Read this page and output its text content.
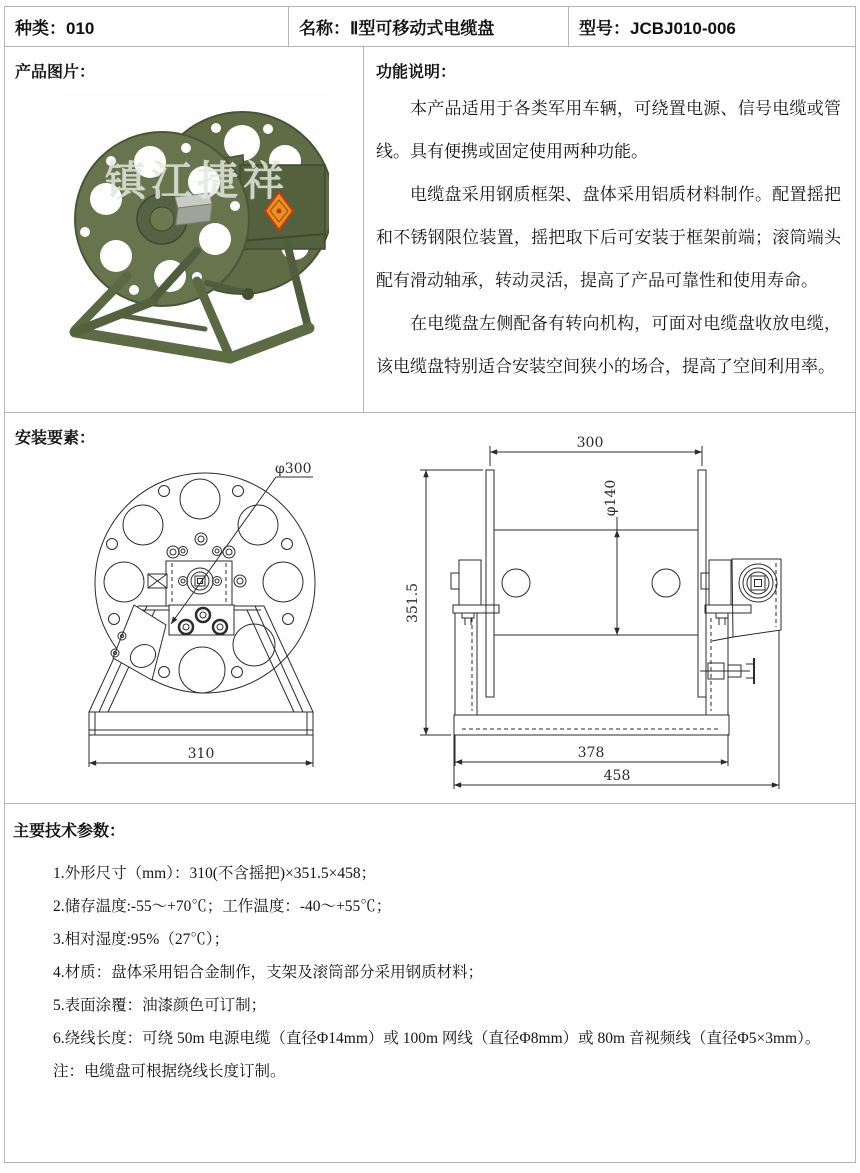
种类：010	名称：Ⅱ型可移动式电缆盘	型号：JCBJ010-006
产品图片：
镇江捷祥
功能说明：

本产品适用于各类军用车辆，可绕置电源、信号电缆或管线。具有便携或固定使用两种功能。

电缆盘采用钢质框架、盘体采用铝质材料制作。配置摇把和不锈钢限位装置，摇把取下后可安装于框架前端；滚筒端头配有滑动轴承，转动灵活，提高了产品可靠性和使用寿命。

在电缆盘左侧配备有转向机构，可面对电缆盘收放电缆，该电缆盘特别适合安装空间狭小的场合，提高了空间利用率。

安装要素：
φ300
310
300
φ140
351.5
378
458
主要技术参数：
1.外形尺寸（mm）：310(不含摇把)×351.5×458；
2.储存温度:-55～+70℃；工作温度：-40～+55℃；
3.相对湿度:95%（27℃）；
4.材质：盘体采用铝合金制作，支架及滚筒部分采用钢质材料；
5.表面涂覆：油漆颜色可订制；
6.绕线长度：可绕 50m 电源电缆（直径Φ14mm）或 100m 网线（直径Φ8mm）或 80m 音视频线（直径Φ5×3mm）。
注：电缆盘可根据绕线长度订制。
